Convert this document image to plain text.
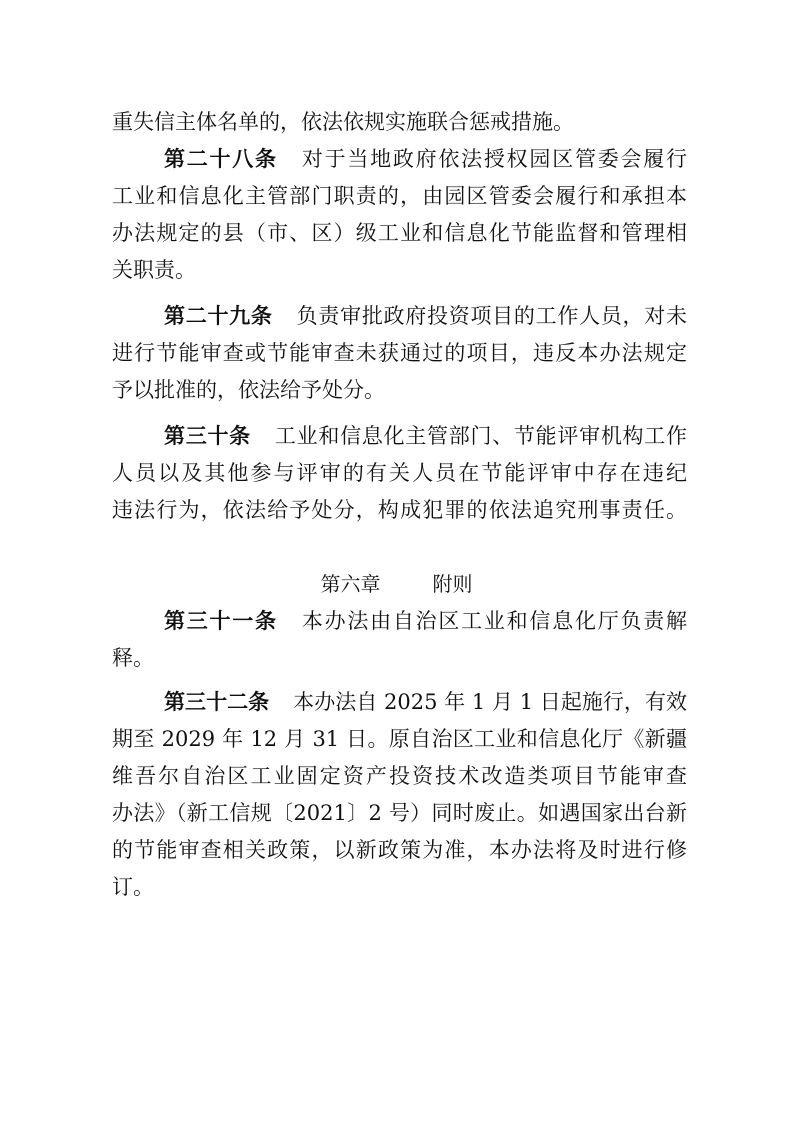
重失信主体名单的，依法依规实施联合惩戒措施。
第二十八条 对于当地政府依法授权园区管委会履行
工业和信息化主管部门职责的，由园区管委会履行和承担本
办法规定的县（市、区）级工业和信息化节能监督和管理相
关职责。
第二十九条 负责审批政府投资项目的工作人员，对未
进行节能审查或节能审查未获通过的项目，违反本办法规定
予以批准的，依法给予处分。
第三十条 工业和信息化主管部门、节能评审机构工作
人员以及其他参与评审的有关人员在节能评审中存在违纪
违法行为，依法给予处分，构成犯罪的依法追究刑事责任。
第六章	附则
第三十一条 本办法由自治区工业和信息化厅负责解
释。
第三十二条 本办法自 2025 年 1 月 1 日起施行，有效
期至 2029 年 12 月 31 日。原自治区工业和信息化厅《新疆
维吾尔自治区工业固定资产投资技术改造类项目节能审查
办法》（新工信规〔2021〕2 号）同时废止。如遇国家出台新
的节能审查相关政策，以新政策为准，本办法将及时进行修
订。
